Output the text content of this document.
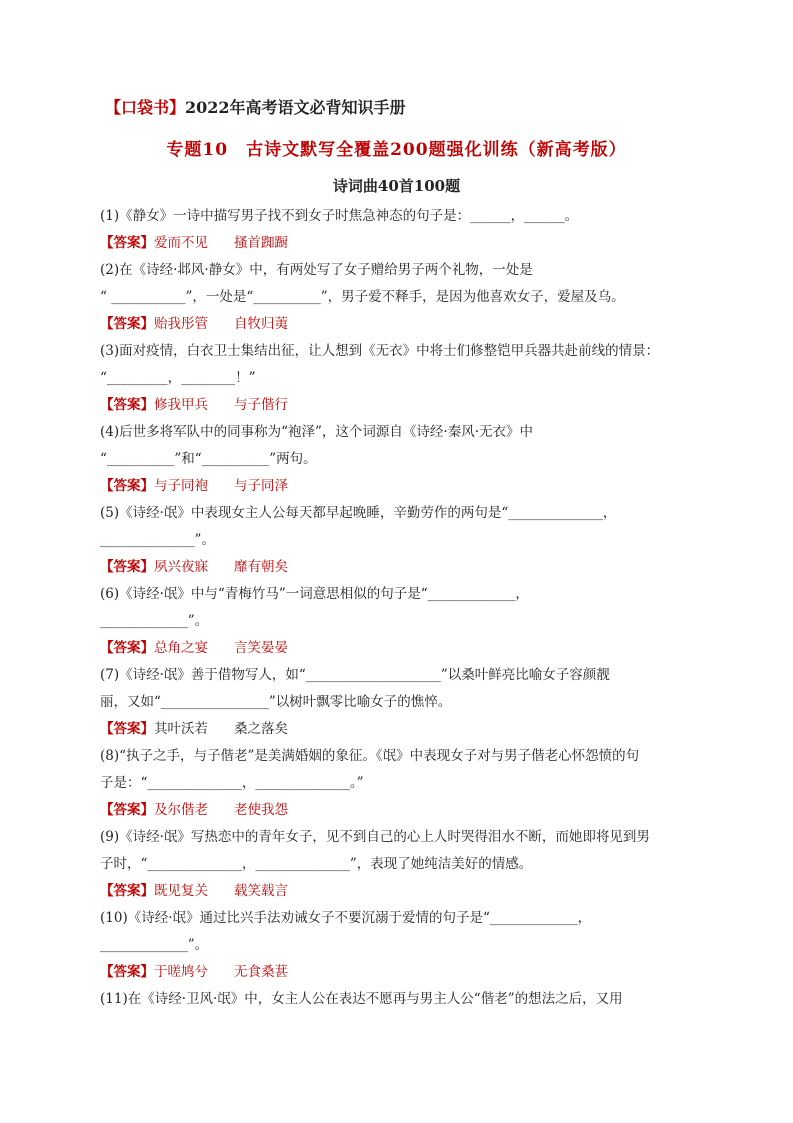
【口袋书】2022年高考语文必背知识手册
专题10　古诗文默写全覆盖200题强化训练（新高考版）
诗词曲40首100题
(1)《静女》一诗中描写男子找不到女子时焦急神态的句子是：______，______。
【答案】爱而不见 搔首踟蹰
(2)在《诗经·邶风·静女》中，有两处写了女子赠给男子两个礼物，一处是
“ ___________”，一处是“__________”，男子爱不释手，是因为他喜欢女子，爱屋及乌。
【答案】贻我彤管 自牧归荑
(3)面对疫情，白衣卫士集结出征，让人想到《无衣》中将士们修整铠甲兵器共赴前线的情景：
“_________，________！”
【答案】修我甲兵 与子偕行
(4)后世多将军队中的同事称为“袍泽”，这个词源自《诗经·秦风·无衣》中
“__________”和“__________”两句。
【答案】与子同袍 与子同泽
(5)《诗经·氓》中表现女主人公每天都早起晚睡，辛勤劳作的两句是“______________，
______________”。
【答案】夙兴夜寐 靡有朝矣
(6)《诗经·氓》中与“青梅竹马”一词意思相似的句子是“_____________，
_____________”。
【答案】总角之宴 言笑晏晏
(7)《诗经·氓》善于借物写人，如“____________________”以桑叶鲜亮比喻女子容颜靓
丽，又如“________________”以树叶飘零比喻女子的憔悴。
【答案】其叶沃若 桑之落矣
(8)“执子之手，与子偕老”是美满婚姻的象征。《氓》中表现女子对与男子偕老心怀怨愤的句
子是：“______________，______________。”
【答案】及尔偕老 老使我怨
(9)《诗经·氓》写热恋中的青年女子，见不到自己的心上人时哭得泪水不断，而她即将见到男
子时，“______________，______________”，表现了她纯洁美好的情感。
【答案】既见复关 载笑载言
(10)《诗经·氓》通过比兴手法劝诫女子不要沉溺于爱情的句子是“_____________，
_____________”。
【答案】于嗟鸠兮 无食桑葚
(11)在《诗经·卫风·氓》中，女主人公在表达不愿再与男主人公“偕老”的想法之后，又用
